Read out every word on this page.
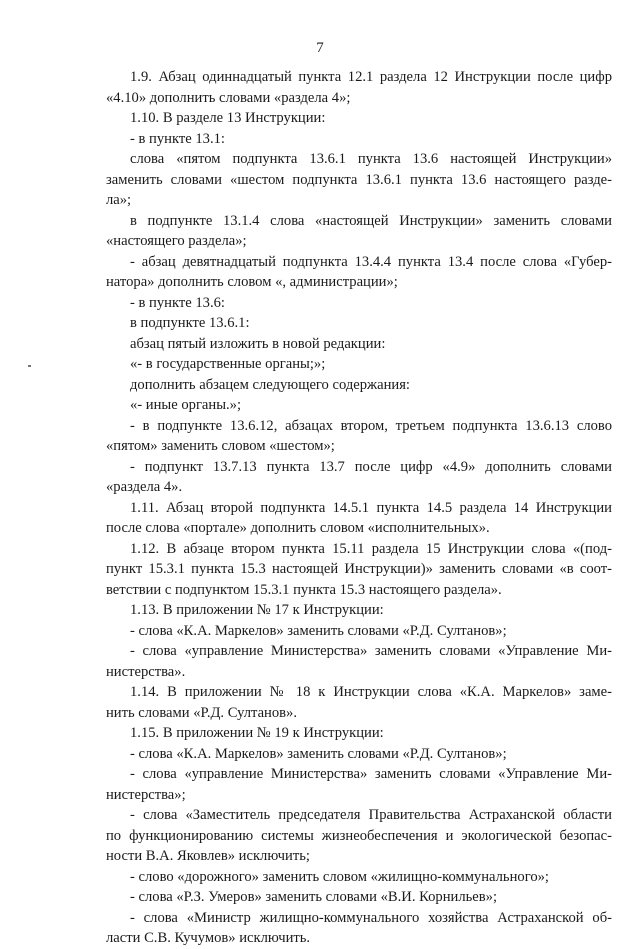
7
1.9. Абзац одиннадцатый пункта 12.1 раздела 12 Инструкции после цифр
«4.10» дополнить словами «раздела 4»;
1.10. В разделе 13 Инструкции:
- в пункте 13.1:
слова «пятом подпункта 13.6.1 пункта 13.6 настоящей Инструкции»
заменить словами «шестом подпункта 13.6.1 пункта 13.6 настоящего разде-
ла»;
в подпункте 13.1.4 слова «настоящей Инструкции» заменить словами
«настоящего раздела»;
- абзац девятнадцатый подпункта 13.4.4 пункта 13.4 после слова «Губер-
натора» дополнить словом «, администрации»;
- в пункте 13.6:
в подпункте 13.6.1:
абзац пятый изложить в новой редакции:
«- в государственные органы;»;
дополнить абзацем следующего содержания:
«- иные органы.»;
- в подпункте 13.6.12, абзацах втором, третьем подпункта 13.6.13 слово
«пятом» заменить словом «шестом»;
- подпункт 13.7.13 пункта 13.7 после цифр «4.9» дополнить словами
«раздела 4».
1.11. Абзац второй подпункта 14.5.1 пункта 14.5 раздела 14 Инструкции
после слова «портале» дополнить словом «исполнительных».
1.12. В абзаце втором пункта 15.11 раздела 15 Инструкции слова «(под-
пункт 15.3.1 пункта 15.3 настоящей Инструкции)» заменить словами «в соот-
ветствии с подпунктом 15.3.1 пункта 15.3 настоящего раздела».
1.13. В приложении № 17 к Инструкции:
- слова «К.А. Маркелов» заменить словами «Р.Д. Султанов»;
- слова «управление Министерства» заменить словами «Управление Ми-
нистерства».
1.14. В приложении № 18 к Инструкции слова «К.А. Маркелов» заме-
нить словами «Р.Д. Султанов».
1.15. В приложении № 19 к Инструкции:
- слова «К.А. Маркелов» заменить словами «Р.Д. Султанов»;
- слова «управление Министерства» заменить словами «Управление Ми-
нистерства»;
- слова «Заместитель председателя Правительства Астраханской области
по функционированию системы жизнеобеспечения и экологической безопас-
ности В.А. Яковлев» исключить;
- слово «дорожного» заменить словом «жилищно-коммунального»;
- слова «Р.З. Умеров» заменить словами «В.И. Корнильев»;
- слова «Министр жилищно-коммунального хозяйства Астраханской об-
ласти С.В. Кучумов» исключить.
